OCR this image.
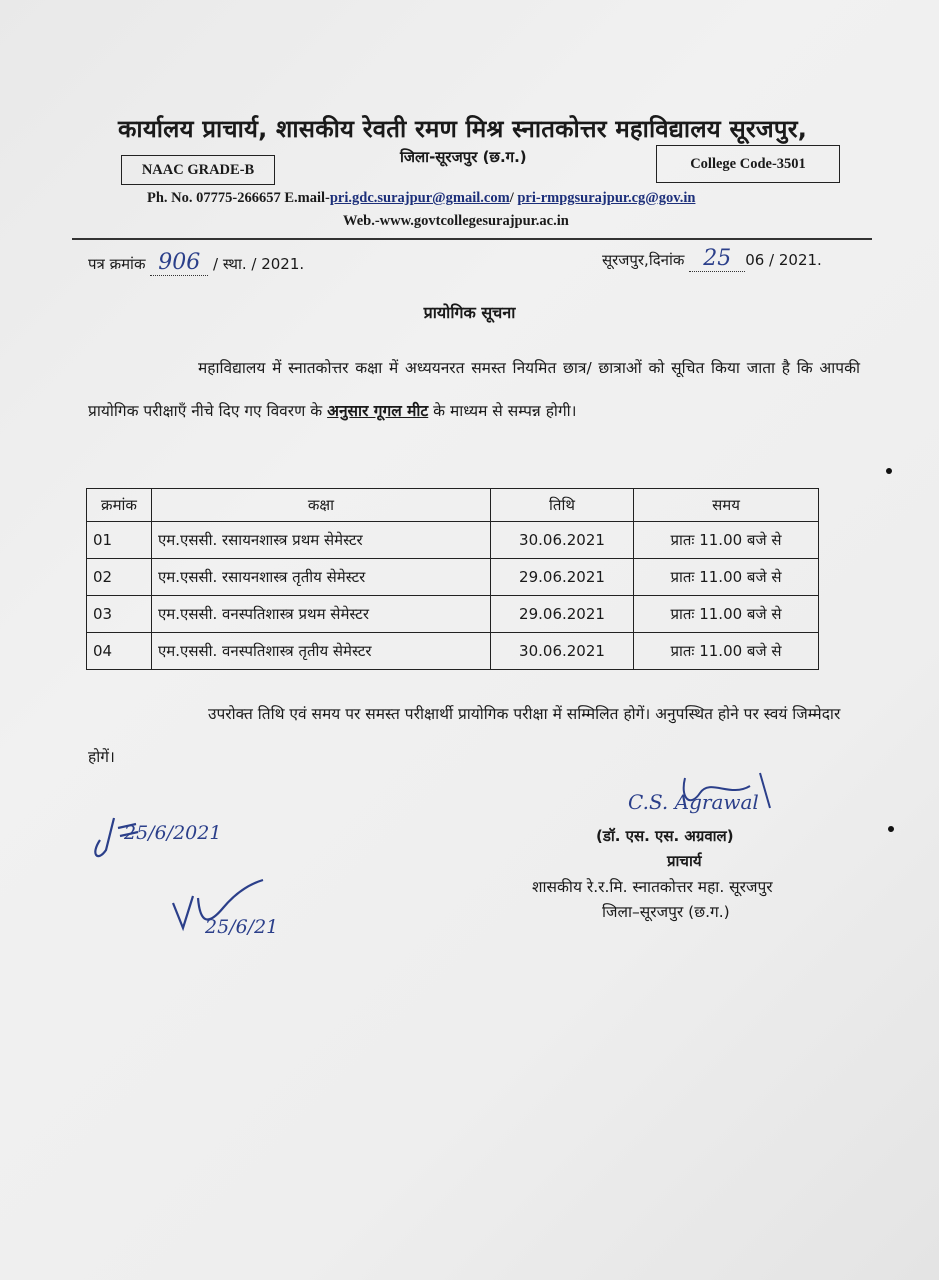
कार्यालय प्राचार्य, शासकीय रेवती रमण मिश्र स्नातकोत्तर महाविद्यालय सूरजपुर,
NAAC GRADE-B
जिला-सूरजपुर (छ.ग.)	College Code-3501
Ph. No. 07775-266657 E.mail-pri.gdc.surajpur@gmail.com/ pri-rmpgsurajpur.cg@gov.in
Web.-www.govtcollegesurajpur.ac.in
पत्र क्रमांक 906 / स्था. / 2021.	सूरजपुर,दिनांक 25 06 / 2021.
प्रायोगिक सूचना
महाविद्यालय में स्नातकोत्तर कक्षा में अध्ययनरत समस्त नियमित छात्र/ छात्राओं को सूचित किया जाता है कि आपकी प्रायोगिक परीक्षाऍं नीचे दिए गए विवरण के अनुसार गूगल मीट के माध्यम से सम्पन्न होगी।
क्रमांक	कक्षा	तिथि	समय
01	एम.एससी. रसायनशास्त्र प्रथम सेमेस्टर	30.06.2021	प्रातः 11.00 बजे से
02	एम.एससी. रसायनशास्त्र तृतीय सेमेस्टर	29.06.2021	प्रातः 11.00 बजे से
03	एम.एससी. वनस्पतिशास्त्र प्रथम सेमेस्टर	29.06.2021	प्रातः 11.00 बजे से
04	एम.एससी. वनस्पतिशास्त्र तृतीय सेमेस्टर	30.06.2021	प्रातः 11.00 बजे से
उपरोक्त तिथि एवं समय पर समस्त परीक्षार्थी प्रायोगिक परीक्षा में सम्मिलित होगें। अनुपस्थित होने पर स्वयं जिम्मेदार होगें।
C.S. Agrawal
(डॉ. एस. एस. अग्रवाल)
प्राचार्य
शासकीय रे.र.मि. स्नातकोत्तर महा. सूरजपुर
जिला–सूरजपुर (छ.ग.)
25/6/2021
25/6/21
